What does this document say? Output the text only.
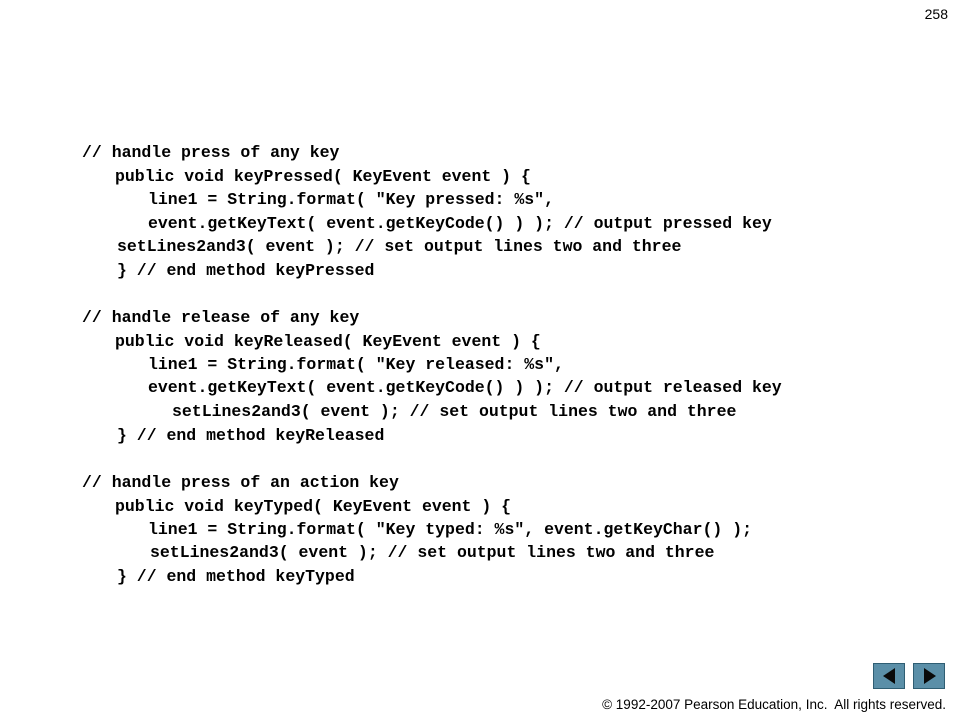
258
// handle press of any key
public void keyPressed( KeyEvent event ) {
line1 = String.format( "Key pressed: %s",
event.getKeyText( event.getKeyCode() ) ); // output pressed key
setLines2and3( event ); // set output lines two and three
} // end method keyPressed
// handle release of any key
public void keyReleased( KeyEvent event ) {
line1 = String.format( "Key released: %s",
event.getKeyText( event.getKeyCode() ) ); // output released key
setLines2and3( event ); // set output lines two and three
} // end method keyReleased
// handle press of an action key
public void keyTyped( KeyEvent event ) {
line1 = String.format( "Key typed: %s", event.getKeyChar() );
setLines2and3( event ); // set output lines two and three
} // end method keyTyped
© 1992-2007 Pearson Education, Inc.  All rights reserved.
